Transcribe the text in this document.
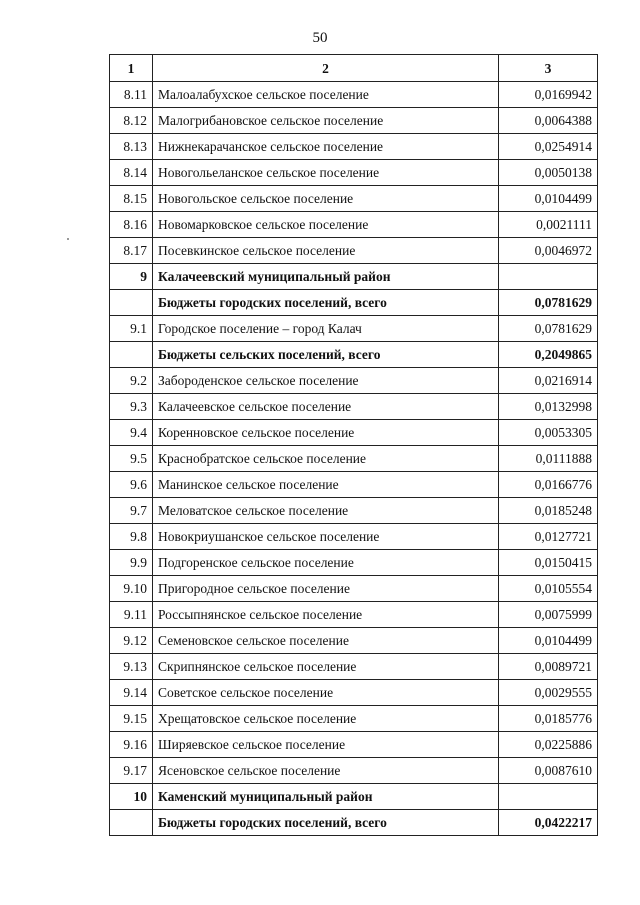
50
1	2	3
8.11	Малоалабухское сельское поселение	0,0169942
8.12	Малогрибановское сельское поселение	0,0064388
8.13	Нижнекарачанское сельское поселение	0,0254914
8.14	Новогольеланское сельское поселение	0,0050138
8.15	Новогольское сельское поселение	0,0104499
8.16	Новомарковское сельское поселение	0,0021111
8.17	Посевкинское сельское поселение	0,0046972
9	Калачеевский муниципальный район	
	Бюджеты городских поселений, всего	0,0781629
9.1	Городское поселение – город Калач	0,0781629
	Бюджеты сельских поселений, всего	0,2049865
9.2	Забороденское сельское поселение	0,0216914
9.3	Калачеевское сельское поселение	0,0132998
9.4	Коренновское сельское поселение	0,0053305
9.5	Краснобратское сельское поселение	0,0111888
9.6	Манинское сельское поселение	0,0166776
9.7	Меловатское сельское поселение	0,0185248
9.8	Новокриушанское сельское поселение	0,0127721
9.9	Подгоренское сельское поселение	0,0150415
9.10	Пригородное сельское поселение	0,0105554
9.11	Россыпнянское сельское поселение	0,0075999
9.12	Семеновское сельское поселение	0,0104499
9.13	Скрипнянское сельское поселение	0,0089721
9.14	Советское сельское поселение	0,0029555
9.15	Хрещатовское сельское поселение	0,0185776
9.16	Ширяевское сельское поселение	0,0225886
9.17	Ясеновское сельское поселение	0,0087610
10	Каменский муниципальный район	
	Бюджеты городских поселений, всего	0,0422217
